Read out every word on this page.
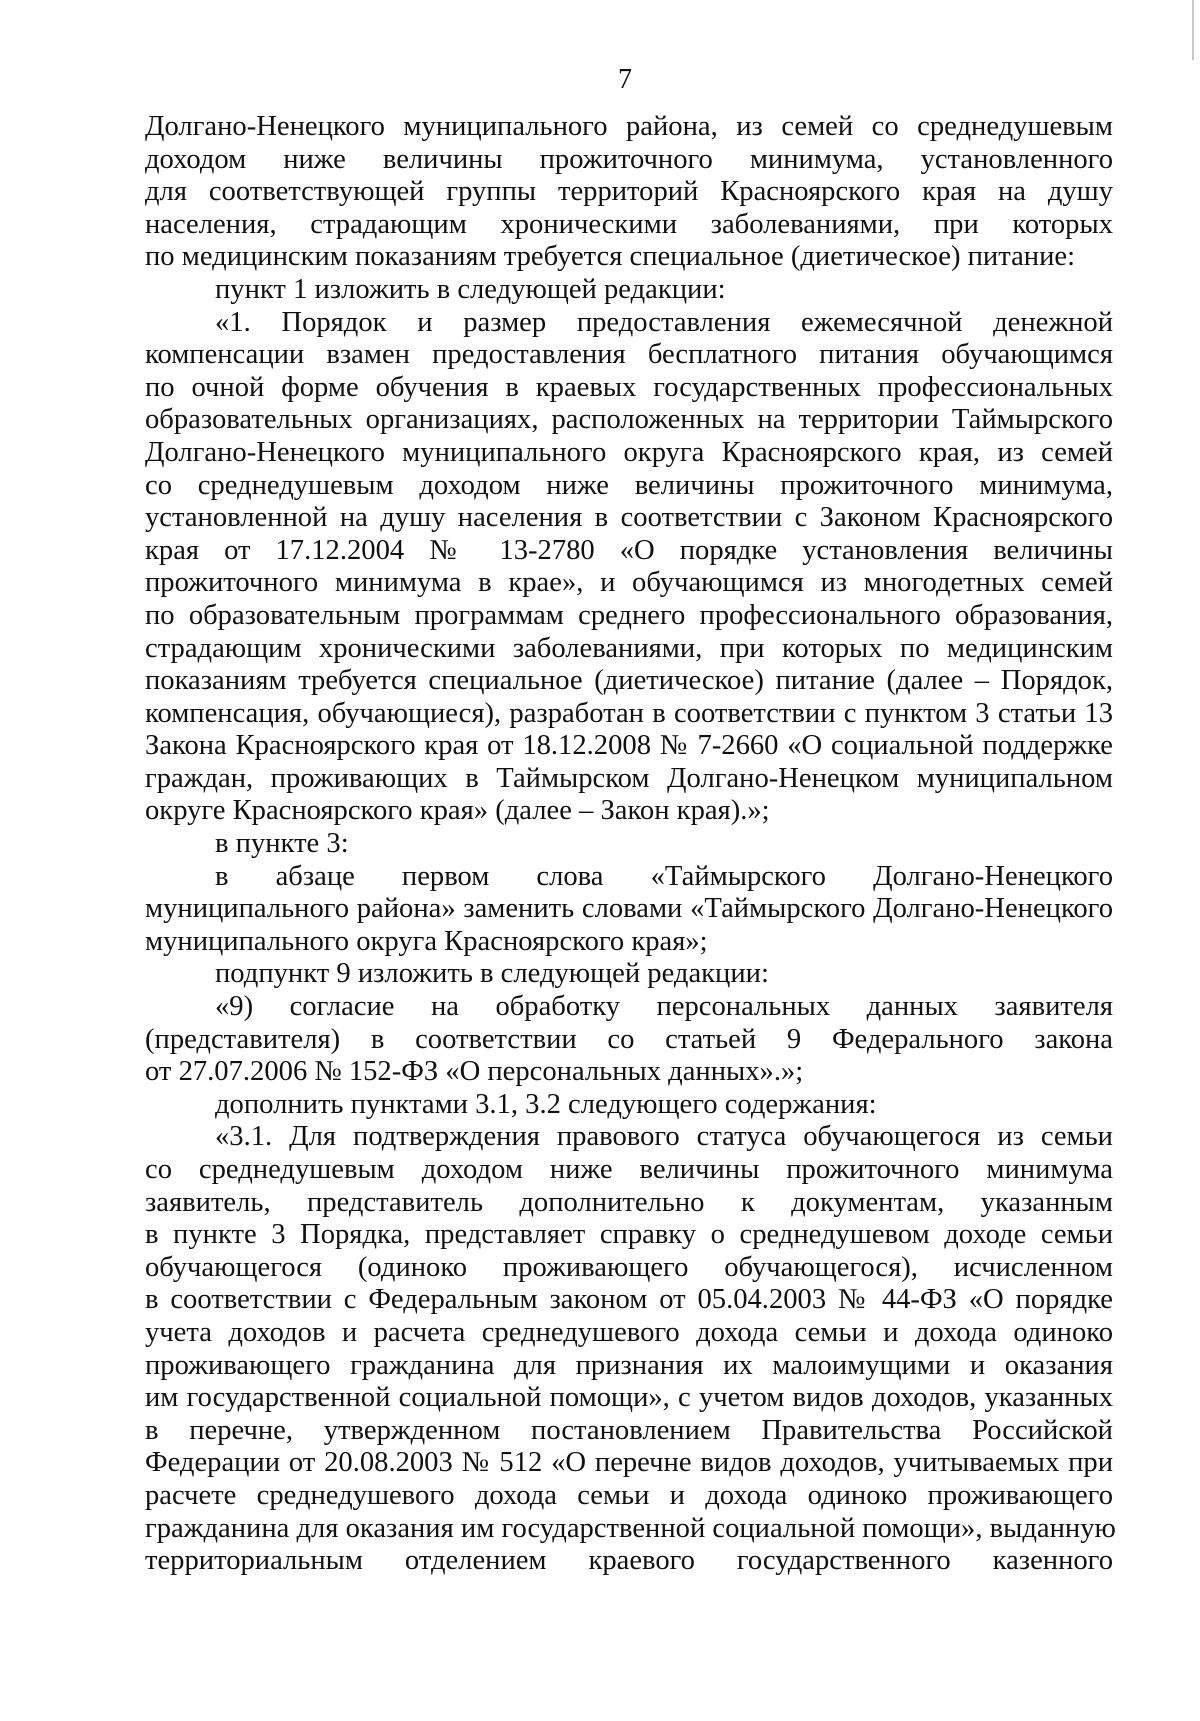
7
Долгано-Ненецкого муниципального района, из семей со среднедушевым
доходом ниже величины прожиточного минимума, установленного
для соответствующей группы территорий Красноярского края на душу
населения, страдающим хроническими заболеваниями, при которых
по медицинским показаниям требуется специальное (диетическое) питание:
пункт 1 изложить в следующей редакции:
«1. Порядок и размер предоставления ежемесячной денежной
компенсации взамен предоставления бесплатного питания обучающимся
по очной форме обучения в краевых государственных профессиональных
образовательных организациях, расположенных на территории Таймырского
Долгано-Ненецкого муниципального округа Красноярского края, из семей
со среднедушевым доходом ниже величины прожиточного минимума,
установленной на душу населения в соответствии с Законом Красноярского
края от 17.12.2004 № 13-2780 «О порядке установления величины
прожиточного минимума в крае», и обучающимся из многодетных семей
по образовательным программам среднего профессионального образования,
страдающим хроническими заболеваниями, при которых по медицинским
показаниям требуется специальное (диетическое) питание (далее – Порядок,
компенсация, обучающиеся), разработан в соответствии с пунктом 3 статьи 13
Закона Красноярского края от 18.12.2008 № 7-2660 «О социальной поддержке
граждан, проживающих в Таймырском Долгано-Ненецком муниципальном
округе Красноярского края» (далее – Закон края).»;
в пункте 3:
в абзаце первом слова «Таймырского Долгано-Ненецкого
муниципального района» заменить словами «Таймырского Долгано-Ненецкого
муниципального округа Красноярского края»;
подпункт 9 изложить в следующей редакции:
«9) согласие на обработку персональных данных заявителя
(представителя) в соответствии со статьей 9 Федерального закона
от 27.07.2006 № 152-ФЗ «О персональных данных».»;
дополнить пунктами 3.1, 3.2 следующего содержания:
«3.1. Для подтверждения правового статуса обучающегося из семьи
со среднедушевым доходом ниже величины прожиточного минимума
заявитель, представитель дополнительно к документам, указанным
в пункте 3 Порядка, представляет справку о среднедушевом доходе семьи
обучающегося (одиноко проживающего обучающегося), исчисленном
в соответствии с Федеральным законом от 05.04.2003 № 44-ФЗ «О порядке
учета доходов и расчета среднедушевого дохода семьи и дохода одиноко
проживающего гражданина для признания их малоимущими и оказания
им государственной социальной помощи», с учетом видов доходов, указанных
в перечне, утвержденном постановлением Правительства Российской
Федерации от 20.08.2003 № 512 «О перечне видов доходов, учитываемых при
расчете среднедушевого дохода семьи и дохода одиноко проживающего
гражданина для оказания им государственной социальной помощи», выданную
территориальным отделением краевого государственного казенного
